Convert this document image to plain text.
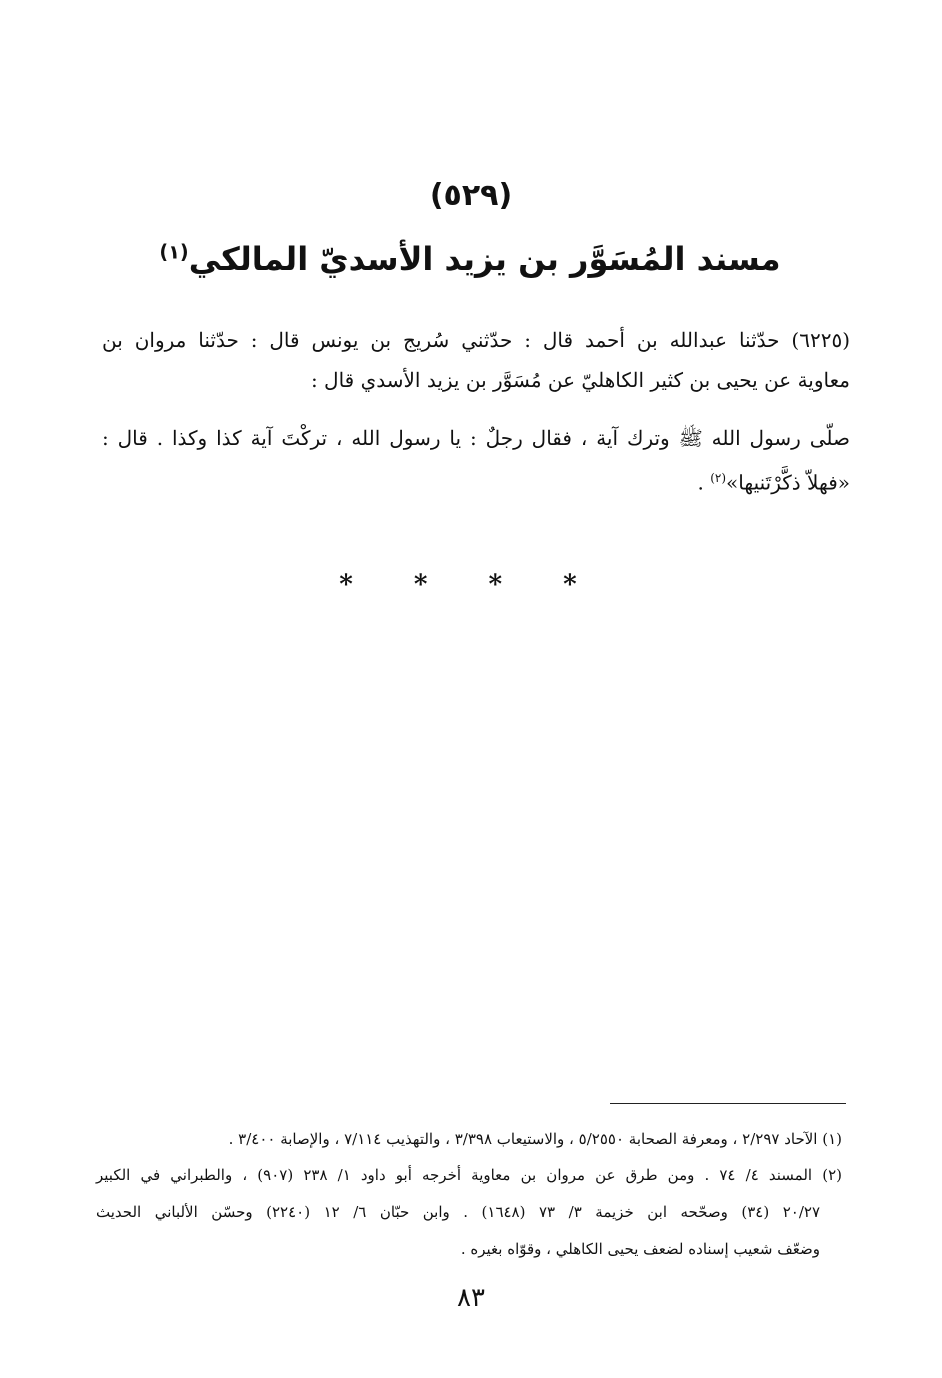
(٥٢٩)
مسند المُسَوَّر بن يزيد الأسديّ المالكي$^{(١)}$
(٦٢٢٥) حدّثنا عبدالله بن أحمد قال : حدّثني سُريج بن يونس قال : حدّثنا مروان بن
معاوية عن يحيى بن كثير الكاهليّ عن مُسَوَّر بن يزيد الأسدي قال :
صلّى رسول الله ﷺ وترك آية ، فقال رجلٌ : يا رسول الله ، تركْتَ آية كذا وكذا . قال :
«فهلاّ ذكَّرْتَنيها»$^{(٢)}$ .
* * * *
(١) الآحاد ٢/٢٩٧ ، ومعرفة الصحابة ٥/٢٥٥٠ ، والاستيعاب ٣/٣٩٨ ، والتهذيب ٧/١١٤ ، والإصابة ٣/٤٠٠ .
(٢) المسند ٤/ ٧٤ . ومن طرق عن مروان بن معاوية أخرجه أبو داود ١/ ٢٣٨ (٩٠٧) ، والطبراني في الكبير
٢٠/٢٧ (٣٤) وصحّحه ابن خزيمة ٣/ ٧٣ (١٦٤٨) . وابن حبّان ٦/ ١٢ (٢٢٤٠) وحسّن الألباني الحديث
وضعّف شعيب إسناده لضعف يحيى الكاهلي ، وقوّاه بغيره .
٨٣
